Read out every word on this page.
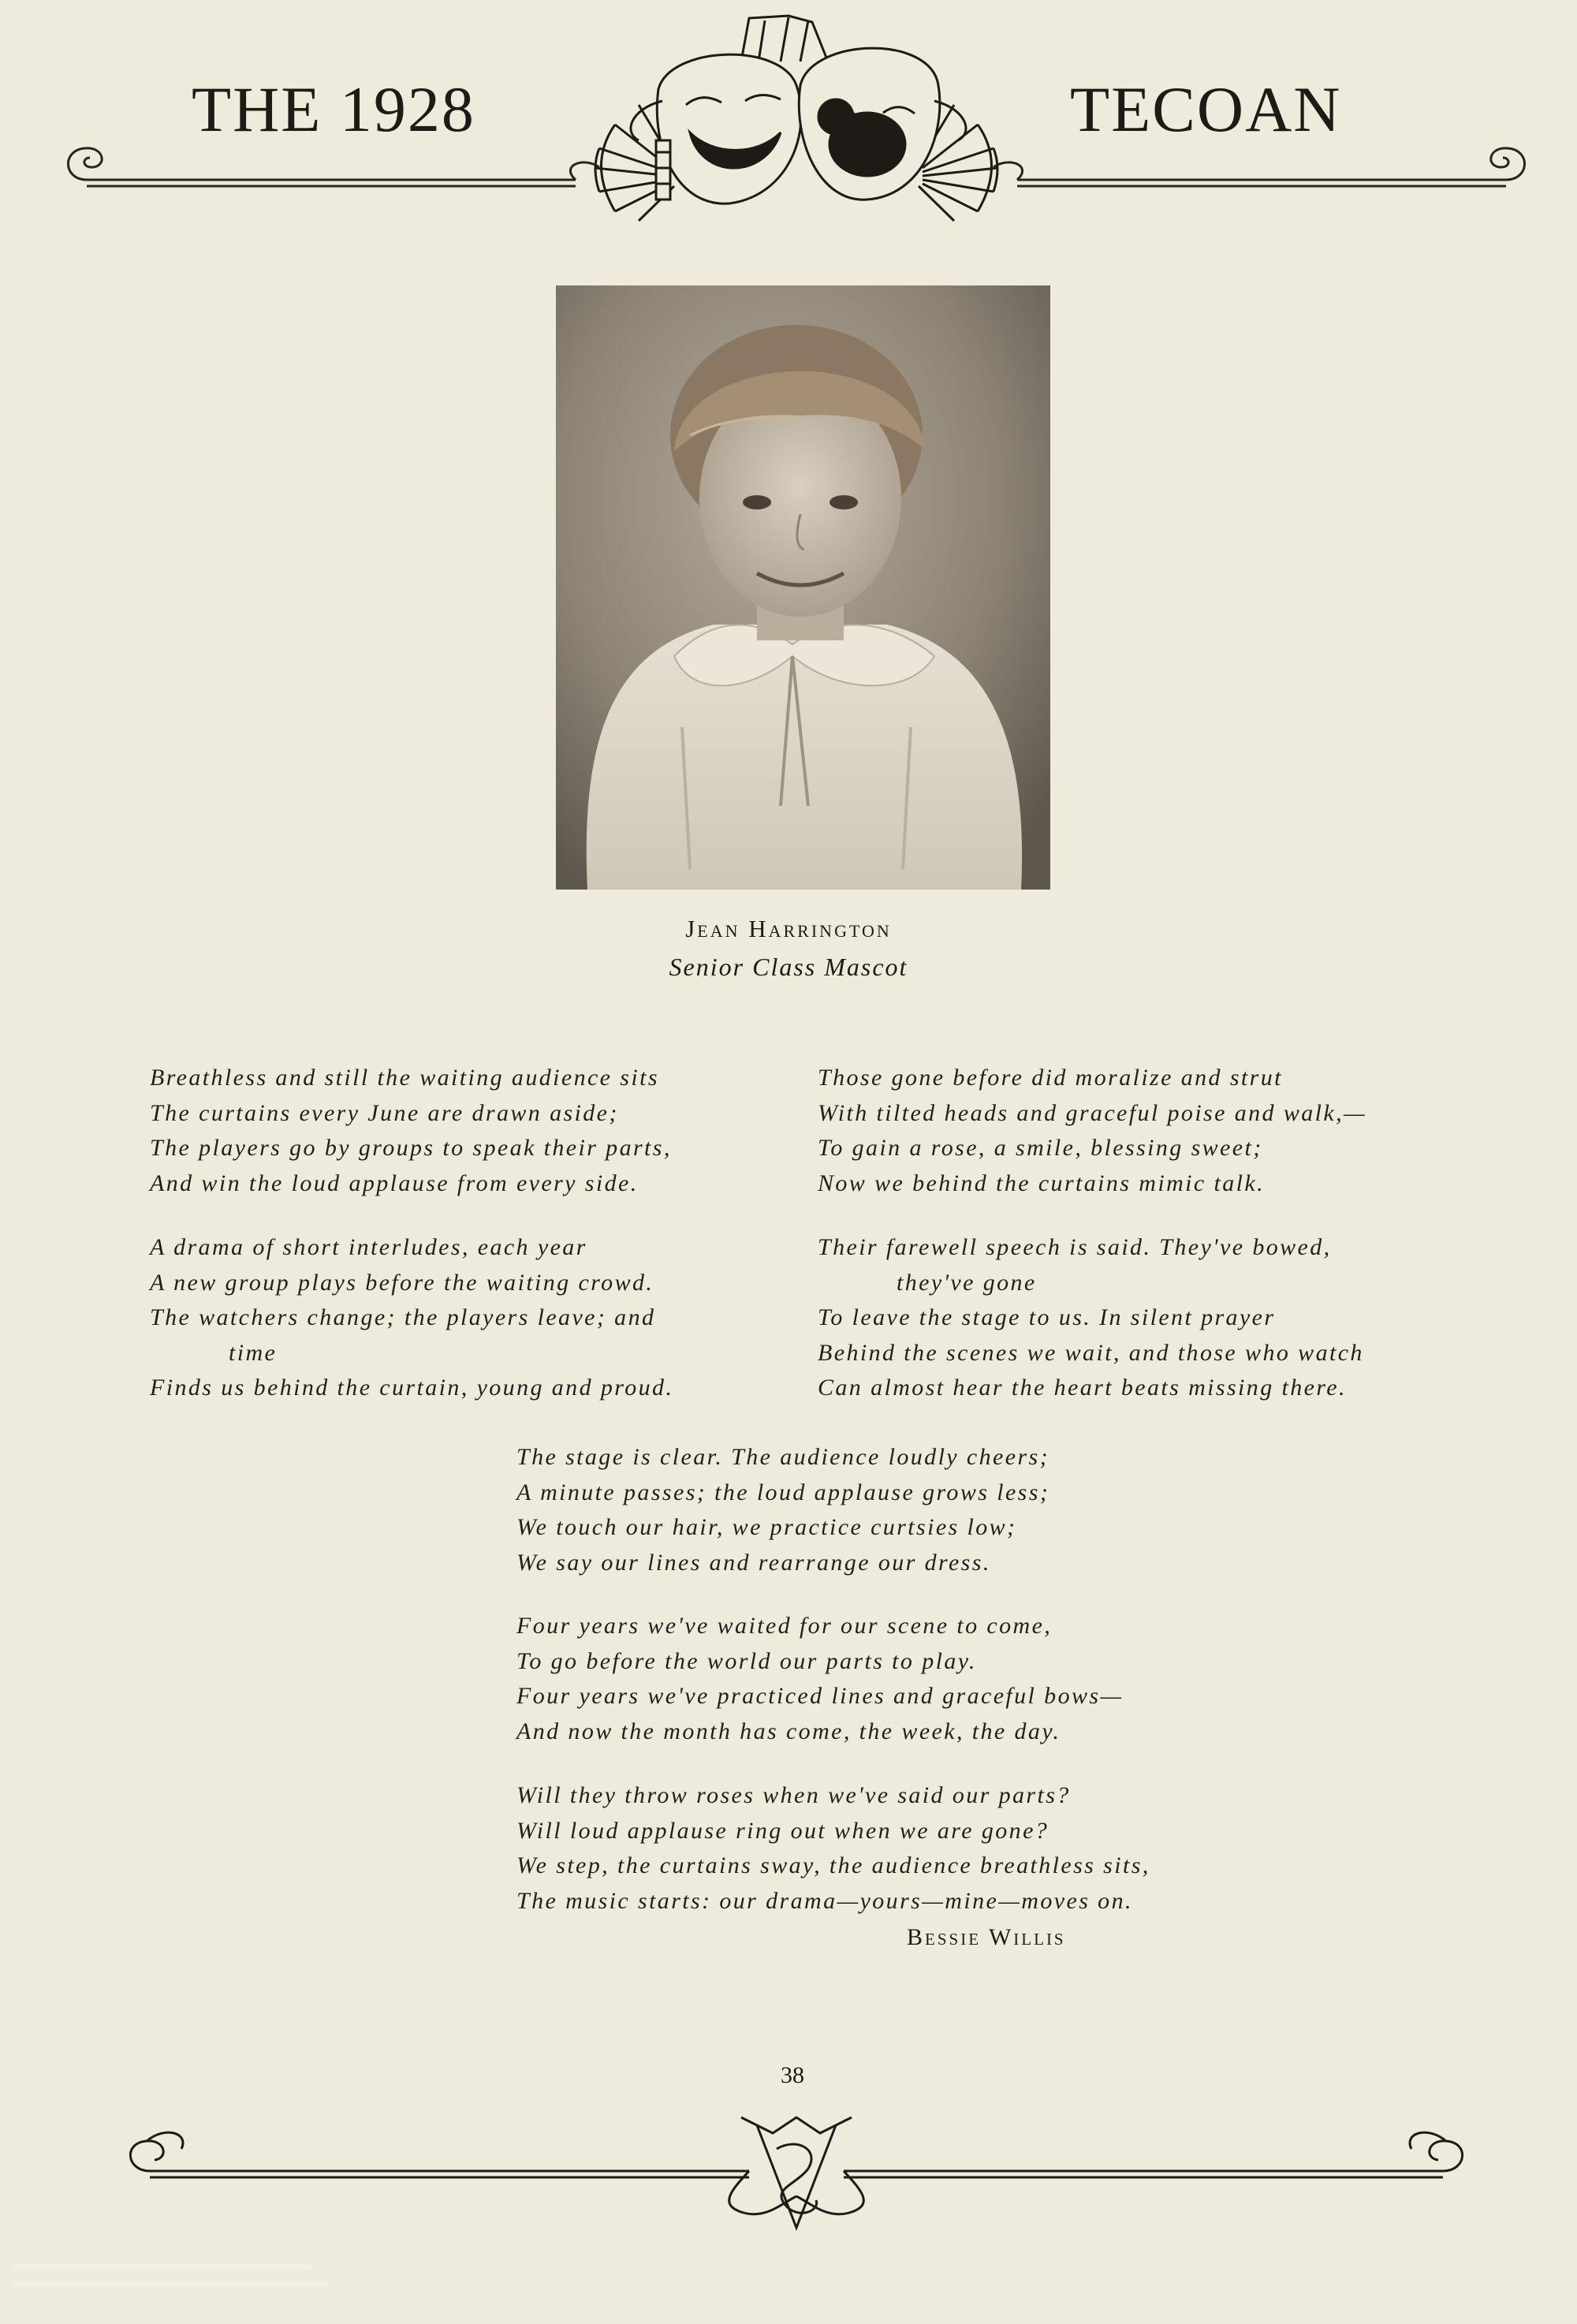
THE 1928	TECOAN
Jean Harrington
Senior Class Mascot
Breathless and still the waiting audience sits
The curtains every June are drawn aside;
The players go by groups to speak their parts,
And win the loud applause from every side.
A drama of short interludes, each year
A new group plays before the waiting crowd.
The watchers change; the players leave; and
time
Finds us behind the curtain, young and proud.
Those gone before did moralize and strut
With tilted heads and graceful poise and walk,—
To gain a rose, a smile, blessing sweet;
Now we behind the curtains mimic talk.
Their farewell speech is said. They've bowed,
they've gone
To leave the stage to us. In silent prayer
Behind the scenes we wait, and those who watch
Can almost hear the heart beats missing there.
The stage is clear. The audience loudly cheers;
A minute passes; the loud applause grows less;
We touch our hair, we practice curtsies low;
We say our lines and rearrange our dress.
Four years we've waited for our scene to come,
To go before the world our parts to play.
Four years we've practiced lines and graceful bows—
And now the month has come, the week, the day.
Will they throw roses when we've said our parts?
Will loud applause ring out when we are gone?
We step, the curtains sway, the audience breathless sits,
The music starts: our drama—yours—mine—moves on.
Bessie Willis
38
